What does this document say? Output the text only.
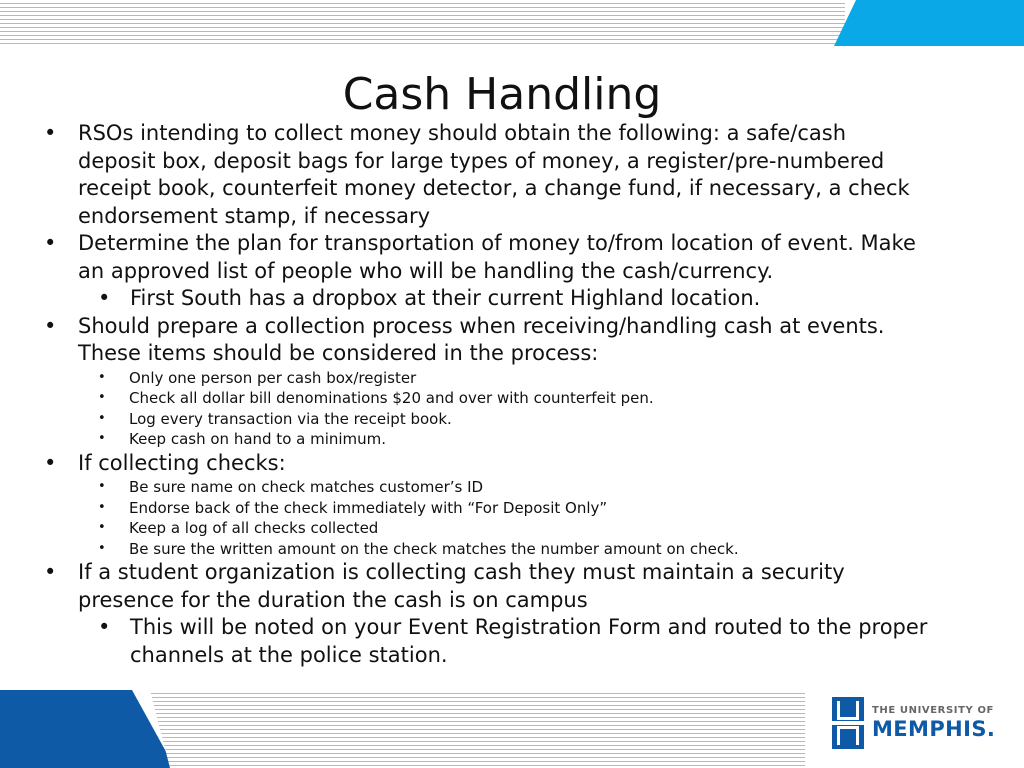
Cash Handling
• RSOs intending to collect money should obtain the following: a safe/cash deposit box, deposit bags for large types of money, a register/pre-numbered receipt book, counterfeit money detector, a change fund, if necessary, a check endorsement stamp, if necessary
• Determine the plan for transportation of money to/from location of event. Make an approved list of people who will be handling the cash/currency.
• First South has a dropbox at their current Highland location.
• Should prepare a collection process when receiving/handling cash at events. These items should be considered in the process:
• Only one person per cash box/register
• Check all dollar bill denominations $20 and over with counterfeit pen.
• Log every transaction via the receipt book.
• Keep cash on hand to a minimum.
• If collecting checks:
• Be sure name on check matches customer’s ID
• Endorse back of the check immediately with “For Deposit Only”
• Keep a log of all checks collected
• Be sure the written amount on the check matches the number amount on check.
• If a student organization is collecting cash they must maintain a security presence for the duration the cash is on campus
• This will be noted on your Event Registration Form and routed to the proper channels at the police station.
THE UNIVERSITY OF
MEMPHIS.
